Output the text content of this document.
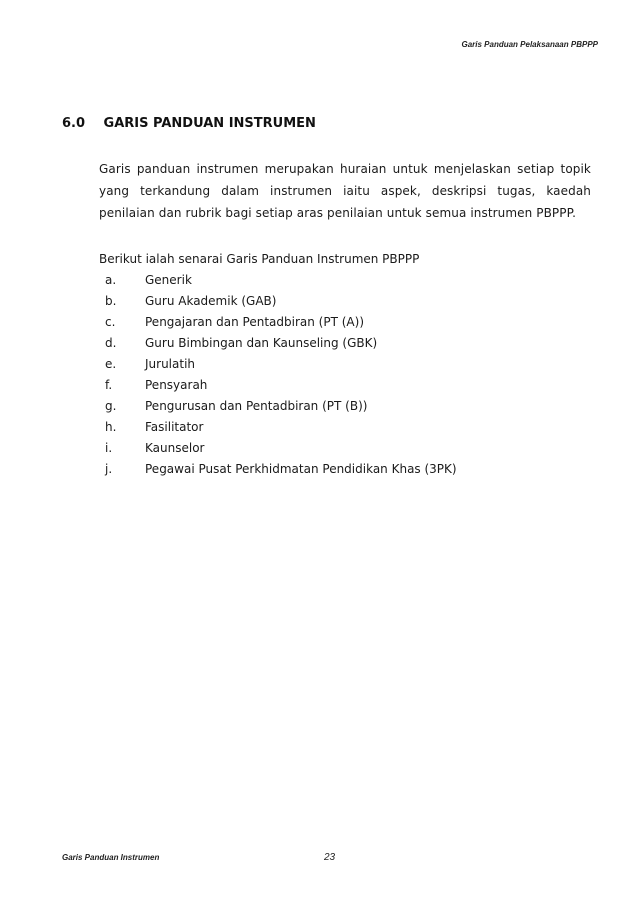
Garis Panduan Pelaksanaan PBPPP
6.0 GARIS PANDUAN INSTRUMEN

Garis panduan instrumen merupakan huraian untuk menjelaskan setiap topik yang terkandung dalam instrumen iaitu aspek, deskripsi tugas, kaedah penilaian dan rubrik bagi setiap aras penilaian untuk semua instrumen PBPPP.

Berikut ialah senarai Garis Panduan Instrumen PBPPP

a.	Generik
b.	Guru Akademik (GAB)
c.	Pengajaran dan Pentadbiran (PT (A))
d.	Guru Bimbingan dan Kaunseling (GBK)
e.	Jurulatih
f.	Pensyarah
g.	Pengurusan dan Pentadbiran (PT (B))
h.	Fasilitator
i.	Kaunselor
j.	Pegawai Pusat Perkhidmatan Pendidikan Khas (3PK)
Garis Panduan Instrumen	23
